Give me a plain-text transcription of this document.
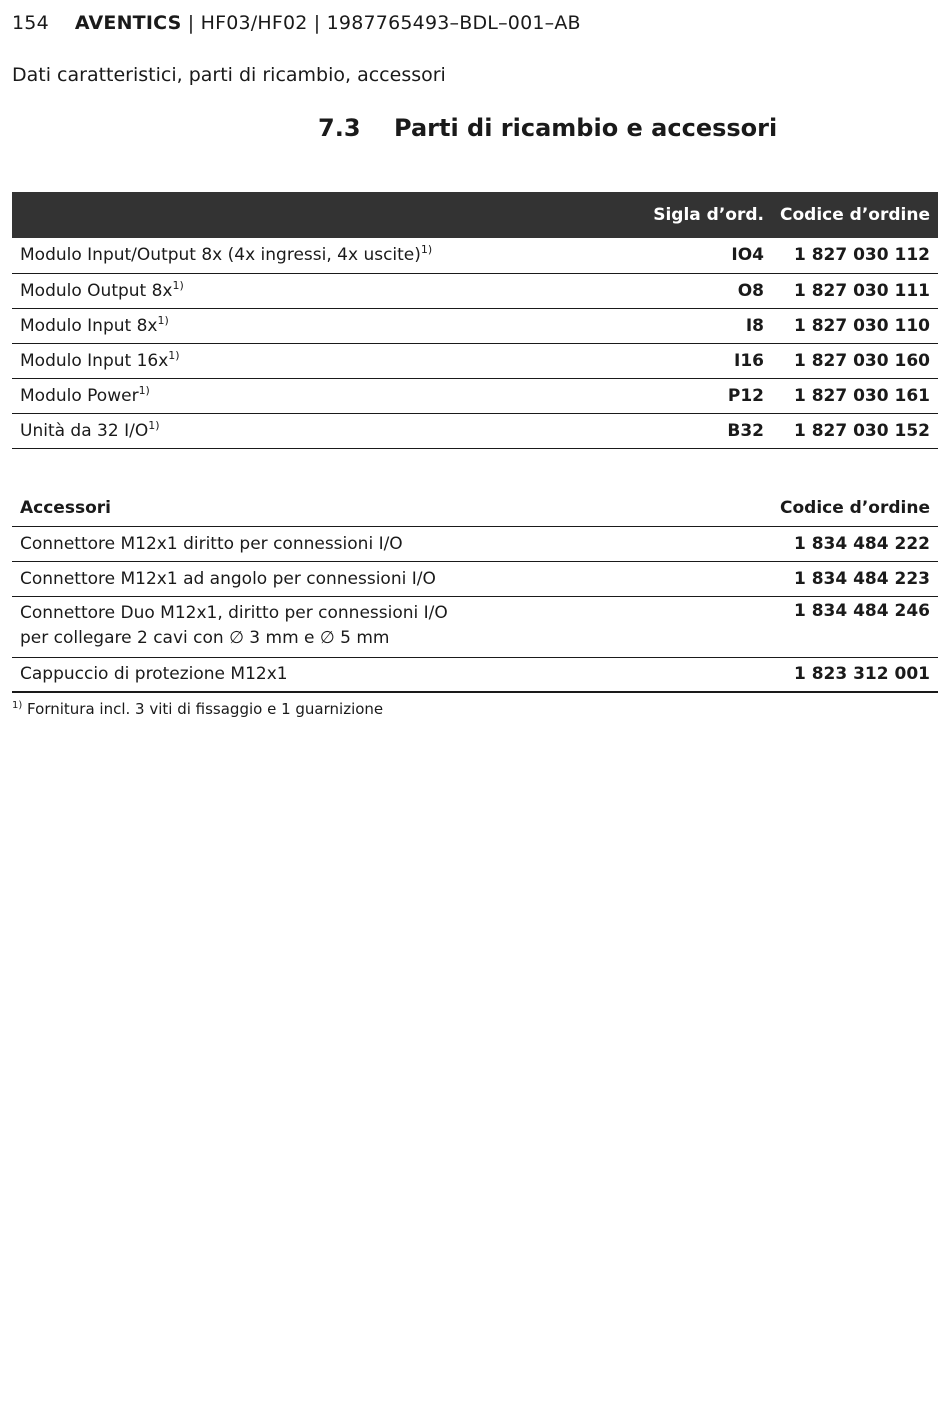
154 AVENTICS | HF03/HF02 | 1987765493–BDL–001–AB
Dati caratteristici, parti di ricambio, accessori
7.3 Parti di ricambio e accessori
	Sigla d’ord.	Codice d’ordine
Modulo Input/Output 8x (4x ingressi, 4x uscite)$^{1)}$	IO4	1 827 030 112
Modulo Output $8x^{1)}$	O8	1 827 030 111
Modulo Input $8x^{1)}$	I8	1 827 030 110
Modulo Input $16x^{1)}$	I16	1 827 030 160
Modulo Power$^{1)}$	P12	1 827 030 161
Unità da 32 $I/O^{1)}$	B32	1 827 030 152
Accessori	Codice d’ordine
Connettore M12x1 diritto per connessioni I/O	1 834 484 222
Connettore M12x1 ad angolo per connessioni I/O	1 834 484 223

Connettore Duo M12x1, diritto per connessioni I/O
per collegare 2 cavi con ∅ 3 mm e ∅ 5 mm	1 834 484 246
Cappuccio di protezione M12x1	1 823 312 001
$^{1)}$ Fornitura incl. 3 viti di fissaggio e 1 guarnizione
